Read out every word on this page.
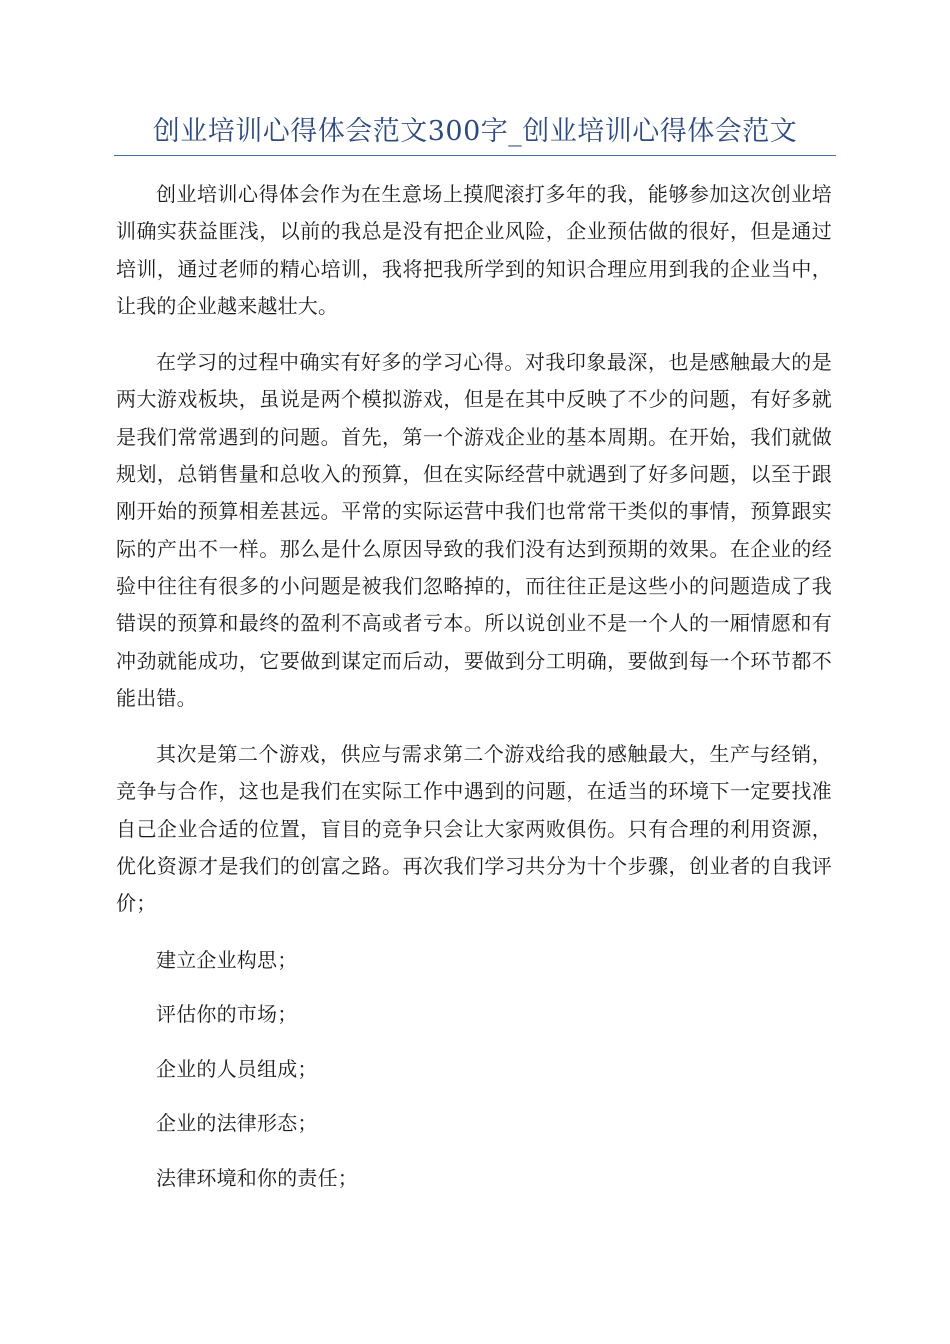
创业培训心得体会范文300字_创业培训心得体会范文

创业培训心得体会作为在生意场上摸爬滚打多年的我，能够参加这次创业培训确实获益匪浅，以前的我总是没有把企业风险，企业预估做的很好，但是通过培训，通过老师的精心培训，我将把我所学到的知识合理应用到我的企业当中，让我的企业越来越壮大。

在学习的过程中确实有好多的学习心得。对我印象最深，也是感触最大的是两大游戏板块，虽说是两个模拟游戏，但是在其中反映了不少的问题，有好多就是我们常常遇到的问题。首先，第一个游戏企业的基本周期。在开始，我们就做规划，总销售量和总收入的预算，但在实际经营中就遇到了好多问题，以至于跟刚开始的预算相差甚远。平常的实际运营中我们也常常干类似的事情，预算跟实际的产出不一样。那么是什么原因导致的我们没有达到预期的效果。在企业的经验中往往有很多的小问题是被我们忽略掉的，而往往正是这些小的问题造成了我错误的预算和最终的盈利不高或者亏本。所以说创业不是一个人的一厢情愿和有冲劲就能成功，它要做到谋定而后动，要做到分工明确，要做到每一个环节都不能出错。

其次是第二个游戏，供应与需求第二个游戏给我的感触最大，生产与经销，竞争与合作，这也是我们在实际工作中遇到的问题，在适当的环境下一定要找准自己企业合适的位置，盲目的竞争只会让大家两败俱伤。只有合理的利用资源，优化资源才是我们的创富之路。再次我们学习共分为十个步骤，创业者的自我评价；

建立企业构思；

评估你的市场；

企业的人员组成；

企业的法律形态；

法律环境和你的责任；
